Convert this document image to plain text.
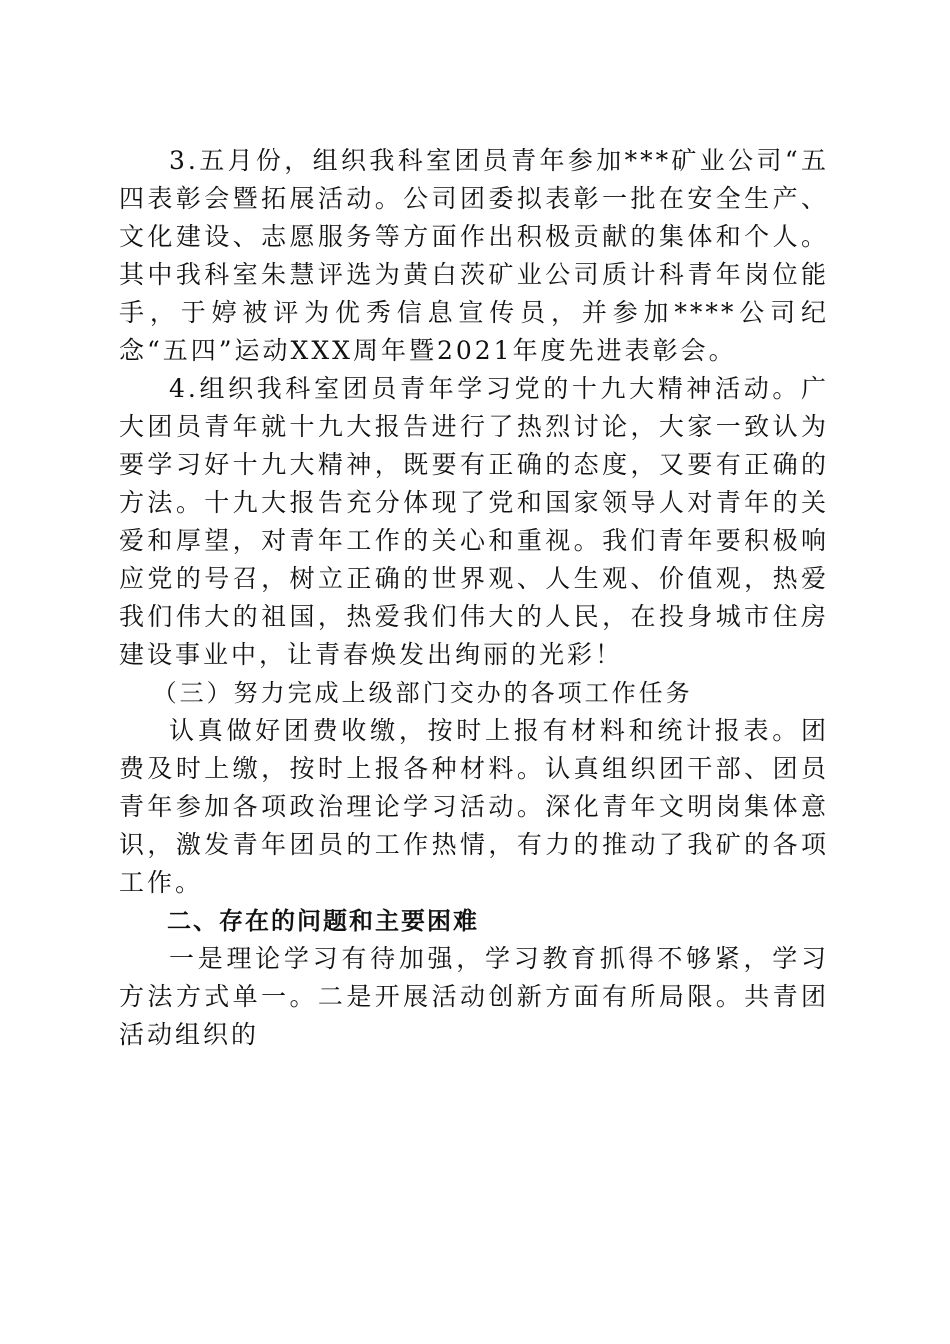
3.五月份，组织我科室团员青年参加***矿业公司“五四表彰会暨拓展活动。公司团委拟表彰一批在安全生产、文化建设、志愿服务等方面作出积极贡献的集体和个人。其中我科室朱慧评选为黄白茨矿业公司质计科青年岗位能手，于婷被评为优秀信息宣传员，并参加****公司纪念“五四”运动XXX周年暨2021年度先进表彰会。

4.组织我科室团员青年学习党的十九大精神活动。广大团员青年就十九大报告进行了热烈讨论，大家一致认为要学习好十九大精神，既要有正确的态度，又要有正确的方法。十九大报告充分体现了党和国家领导人对青年的关爱和厚望，对青年工作的关心和重视。我们青年要积极响应党的号召，树立正确的世界观、人生观、价值观，热爱我们伟大的祖国，热爱我们伟大的人民，在投身城市住房建设事业中，让青春焕发出绚丽的光彩！

（三）努力完成上级部门交办的各项工作任务

认真做好团费收缴，按时上报有材料和统计报表。团费及时上缴，按时上报各种材料。认真组织团干部、团员青年参加各项政治理论学习活动。深化青年文明岗集体意识，激发青年团员的工作热情，有力的推动了我矿的各项工作。

二、存在的问题和主要困难

一是理论学习有待加强，学习教育抓得不够紧，学习方法方式单一。二是开展活动创新方面有所局限。共青团活动组织的
